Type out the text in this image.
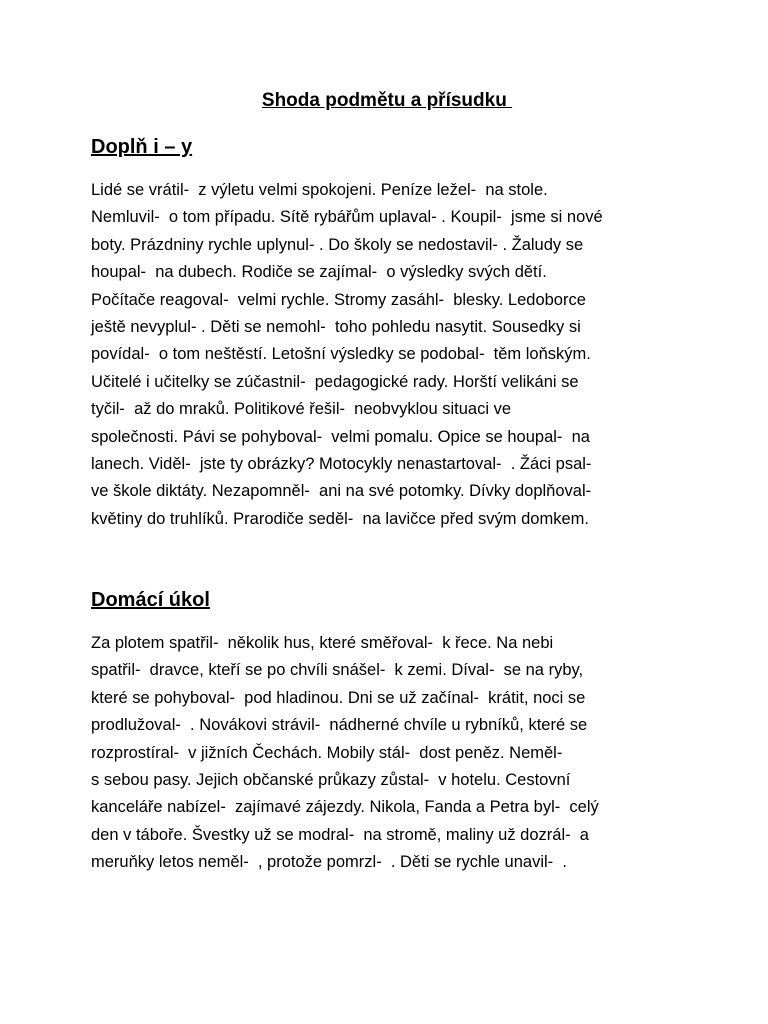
Shoda podmětu a přísudku
Doplň i – y

Lidé se vrátil-  z výletu velmi spokojeni. Peníze ležel-  na stole.
Nemluvil-  o tom případu. Sítě rybářům uplaval- . Koupil-  jsme si nové
boty. Prázdniny rychle uplynul- . Do školy se nedostavil- . Žaludy se
houpal-  na dubech. Rodiče se zajímal-  o výsledky svých dětí.
Počítače reagoval-  velmi rychle. Stromy zasáhl-  blesky. Ledoborce
ještě nevyplul- . Děti se nemohl-  toho pohledu nasytit. Sousedky si
povídal-  o tom neštěstí. Letošní výsledky se podobal-  těm loňským.
Učitelé i učitelky se zúčastnil-  pedagogické rady. Horští velikáni se
tyčil-  až do mraků. Politikové řešil-  neobvyklou situaci ve
společnosti. Pávi se pohyboval-  velmi pomalu. Opice se houpal-  na
lanech. Viděl-  jste ty obrázky? Motocykly nenastartoval-  . Žáci psal-
ve škole diktáty. Nezapomněl-  ani na své potomky. Dívky doplňoval-
květiny do truhlíků. Prarodiče seděl-  na lavičce před svým domkem.

Domácí úkol

Za plotem spatřil-  několik hus, které směřoval-  k řece. Na nebi
spatřil-  dravce, kteří se po chvíli snášel-  k zemi. Díval-  se na ryby,
které se pohyboval-  pod hladinou. Dni se už začínal-  krátit, noci se
prodlužoval-  . Novákovi strávil-  nádherné chvíle u rybníků, které se
rozprostíral-  v jižních Čechách. Mobily stál-  dost peněz. Neměl-
s sebou pasy. Jejich občanské průkazy zůstal-  v hotelu. Cestovní
kanceláře nabízel-  zajímavé zájezdy. Nikola, Fanda a Petra byl-  celý
den v táboře. Švestky už se modral-  na stromě, maliny už dozrál-  a
meruňky letos neměl-  , protože pomrzl-  . Děti se rychle unavil-  .
